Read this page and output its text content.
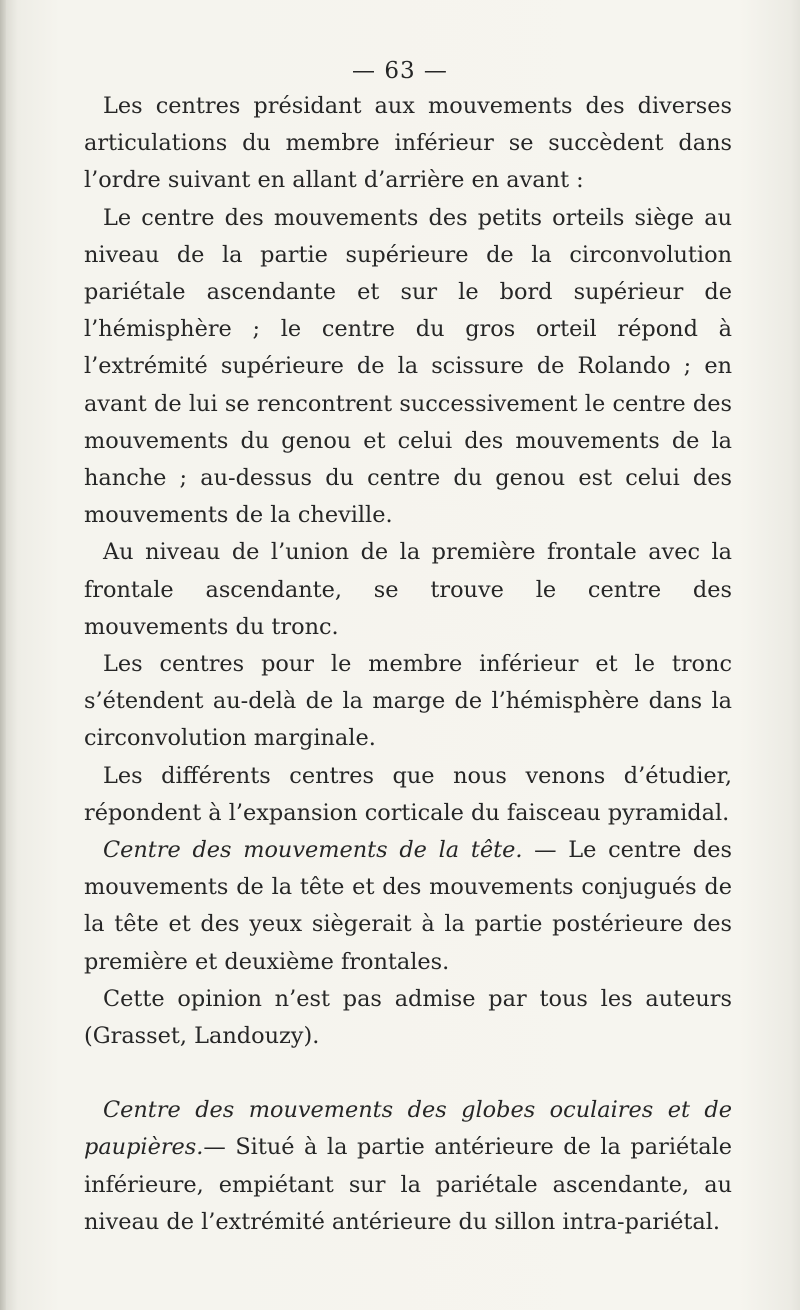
— 63 —

Les centres présidant aux mouvements des diverses articulations du membre inférieur se succèdent dans l’ordre suivant en allant d’arrière en avant :

Le centre des mouvements des petits orteils siège au niveau de la partie supérieure de la circonvolution pariétale ascendante et sur le bord supérieur de l’hémisphère ; le centre du gros orteil répond à l’extrémité supérieure de la scissure de Rolando ; en avant de lui se rencontrent successivement le centre des mouvements du genou et celui des mouvements de la hanche ; au-dessus du centre du genou est celui des mouvements de la cheville.

Au niveau de l’union de la première frontale avec la frontale ascendante, se trouve le centre des mouvements du tronc.

Les centres pour le membre inférieur et le tronc s’étendent au-delà de la marge de l’hémisphère dans la circonvolution marginale.

Les différents centres que nous venons d’étudier, répondent à l’expansion corticale du faisceau pyramidal.

Centre des mouvements de la tête. — Le centre des mouvements de la tête et des mouvements conjugués de la tête et des yeux siègerait à la partie postérieure des première et deuxième frontales.

Cette opinion n’est pas admise par tous les auteurs (Grasset, Landouzy).

Centre des mouvements des globes oculaires et de paupières.— Situé à la partie antérieure de la pariétale inférieure, empiétant sur la pariétale ascendante, au niveau de l’extrémité antérieure du sillon intra-pariétal.
